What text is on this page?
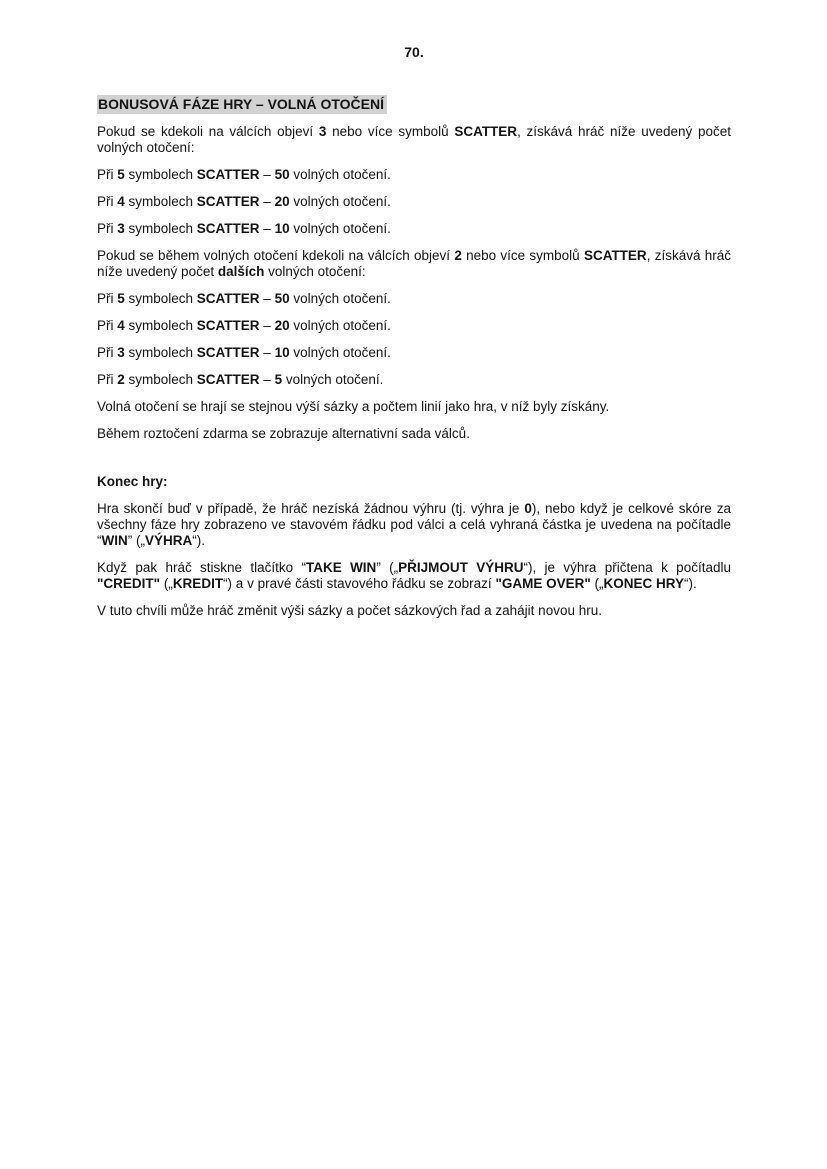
70.
BONUSOVÁ FÁZE HRY – VOLNÁ OTOČENÍ

Pokud se kdekoli na válcích objeví 3 nebo více symbolů SCATTER, získává hráč níže uvedený počet volných otočení:

Při 5 symbolech SCATTER – 50 volných otočení.

Při 4 symbolech SCATTER – 20 volných otočení.

Při 3 symbolech SCATTER – 10 volných otočení.

Pokud se během volných otočení kdekoli na válcích objeví 2 nebo více symbolů SCATTER, získává hráč níže uvedený počet dalších volných otočení:

Při 5 symbolech SCATTER – 50 volných otočení.

Při 4 symbolech SCATTER – 20 volných otočení.

Při 3 symbolech SCATTER – 10 volných otočení.

Při 2 symbolech SCATTER – 5 volných otočení.

Volná otočení se hrají se stejnou výší sázky a počtem linií jako hra, v níž byly získány.

Během roztočení zdarma se zobrazuje alternativní sada válců.

Konec hry:

Hra skončí buď v případě, že hráč nezíská žádnou výhru (tj. výhra je 0), nebo když je celkové skóre za všechny fáze hry zobrazeno ve stavovém řádku pod válci a celá vyhraná částka je uvedena na počítadle “WIN” („VÝHRA“).

Když pak hráč stiskne tlačítko “TAKE WIN” („PŘIJMOUT VÝHRU“), je výhra přičtena k počítadlu "CREDIT" („KREDIT“) a v pravé části stavového řádku se zobrazí "GAME OVER" („KONEC HRY“).

V tuto chvíli může hráč změnit výši sázky a počet sázkových řad a zahájit novou hru.
